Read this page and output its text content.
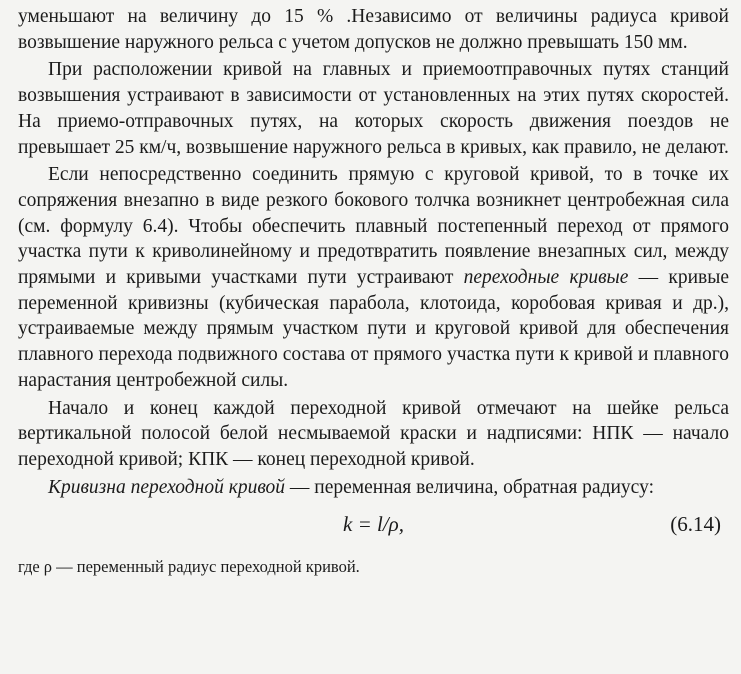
уменьшают на величину до 15 % .Независимо от величины радиуса кривой возвышение наружного рельса с учетом допусков не должно превышать 150 мм.

При расположении кривой на главных и приемоотправочных путях станций возвышения устраивают в зависимости от установленных на этих путях скоростей. На приемо-отправочных путях, на которых скорость движения поездов не превышает 25 км/ч, возвышение наружного рельса в кривых, как правило, не делают.

Если непосредственно соединить прямую с круговой кривой, то в точке их сопряжения внезапно в виде резкого бокового толчка возникнет центробежная сила (см. формулу 6.4). Чтобы обеспечить плавный постепенный переход от прямого участка пути к криволинейному и предотвратить появление внезапных сил, между прямыми и кривыми участками пути устраивают переходные кривые — кривые переменной кривизны (кубическая парабола, клотоида, коробовая кривая и др.), устраиваемые между прямым участком пути и круговой кривой для обеспечения плавного перехода подвижного состава от прямого участка пути к кривой и плавного нарастания центробежной силы.

Начало и конец каждой переходной кривой отмечают на шейке рельса вертикальной полосой белой несмываемой краски и надписями: НПК — начало переходной кривой; КПК — конец переходной кривой.

Кривизна переходной кривой — переменная величина, обратная радиусу:

k = l/ρ,	(6.14)

где ρ — переменный радиус переходной кривой.
